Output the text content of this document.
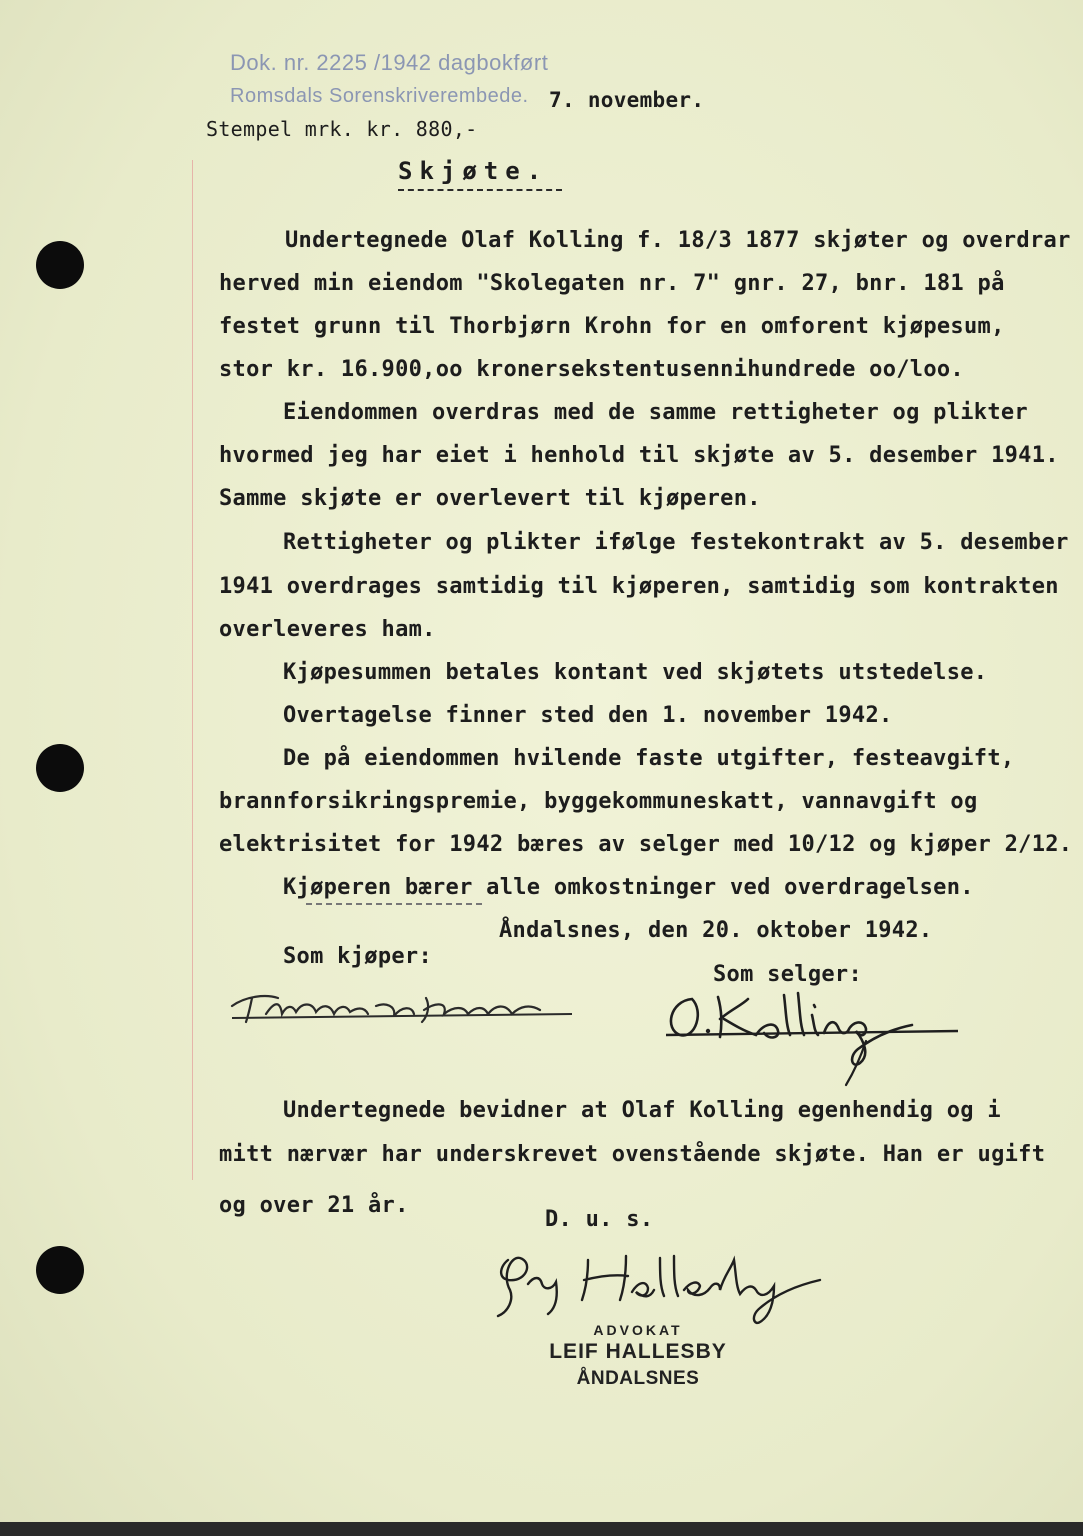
Dok. nr. 2225 /1942 dagbokført
Romsdals Sorenskriverembede. 7. november.
Stempel mrk. kr. 880,-
Skjøte.
Undertegnede Olaf Kolling f. 18/3 1877 skjøter og overdrar
herved min eiendom "Skolegaten nr. 7" gnr. 27, bnr. 181 på
festet grunn til Thorbjørn Krohn for en omforent kjøpesum,
stor kr. 16.900,oo kronersekstentusennihundrede oo/loo.
Eiendommen overdras med de samme rettigheter og plikter
hvormed jeg har eiet i henhold til skjøte av 5. desember 1941.
Samme skjøte er overlevert til kjøperen.
Rettigheter og plikter ifølge festekontrakt av 5. desember
1941 overdrages samtidig til kjøperen, samtidig som kontrakten
overleveres ham.
Kjøpesummen betales kontant ved skjøtets utstedelse.
Overtagelse finner sted den 1. november 1942.
De på eiendommen hvilende faste utgifter, festeavgift,
brannforsikringspremie, byggekommuneskatt, vannavgift og
elektrisitet for 1942 bæres av selger med 10/12 og kjøper 2/12.
Kjøperen bærer alle omkostninger ved overdragelsen.
Åndalsnes, den 20. oktober 1942.
Som kjøper:
Som selger:
Undertegnede bevidner at Olaf Kolling egenhendig og i
mitt nærvær har underskrevet ovenstående skjøte. Han er ugift
og over 21 år.
D. u. s.
ADVOKAT
LEIF HALLESBY
ÅNDALSNES
